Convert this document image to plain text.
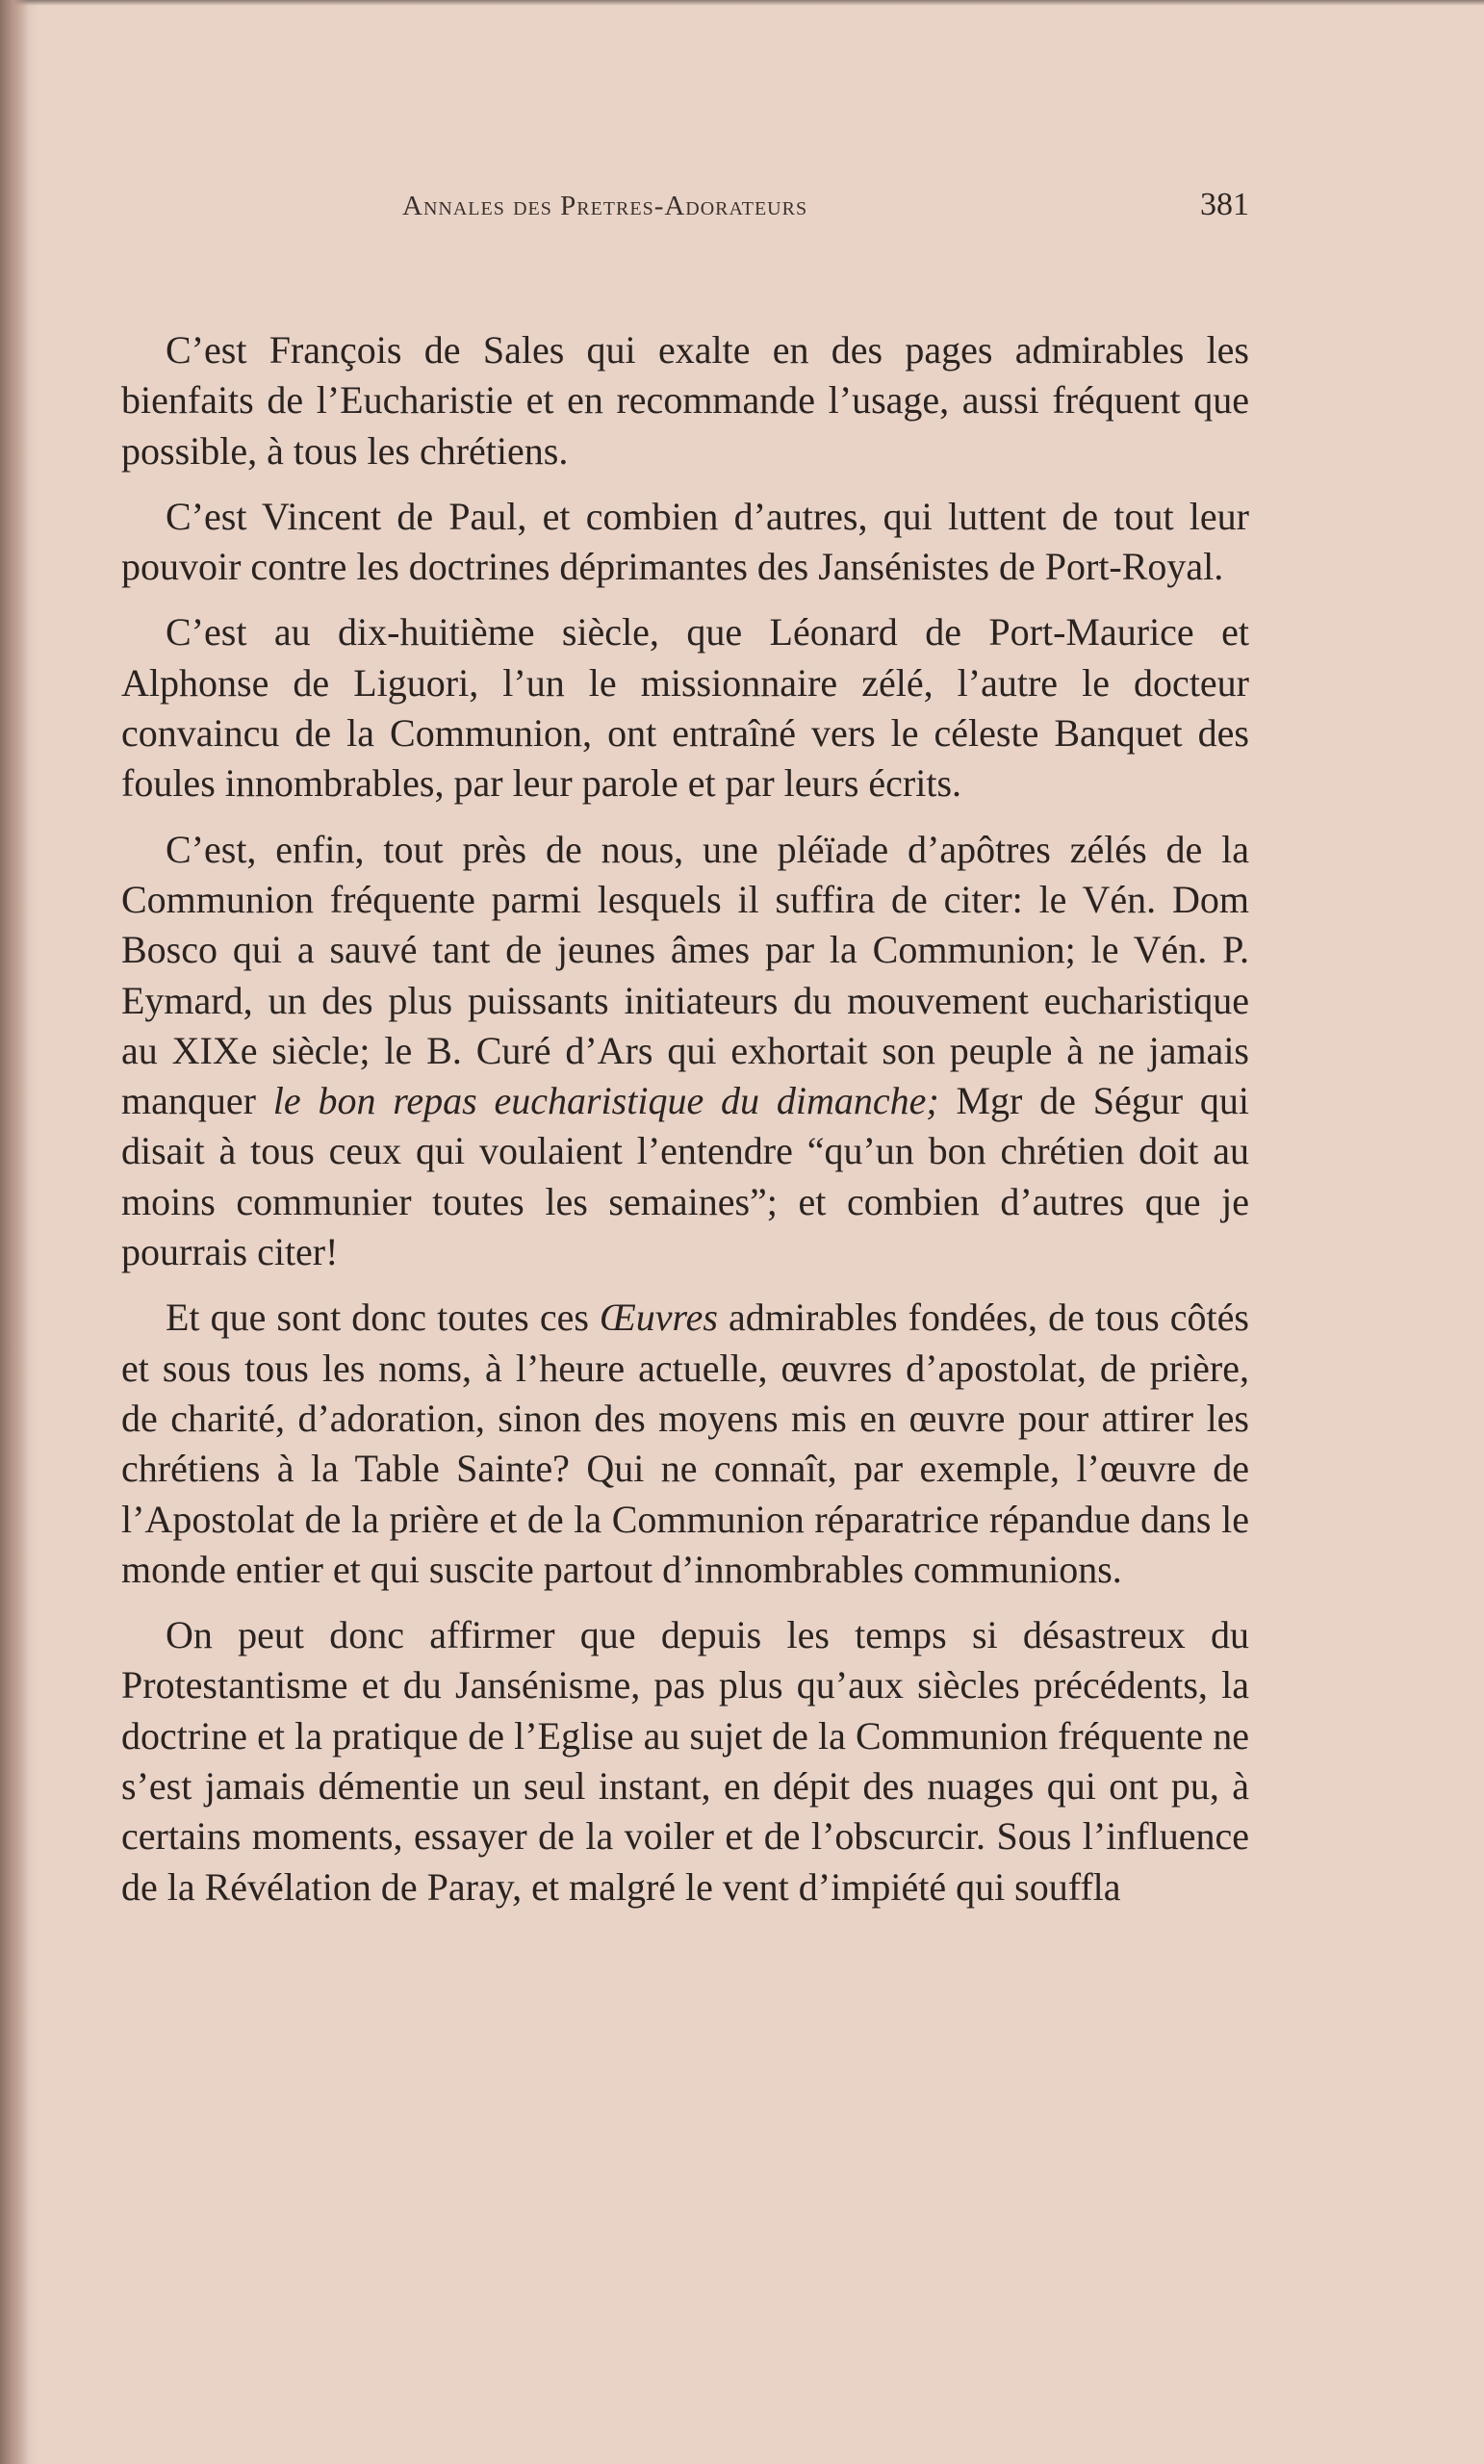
Annales des Pretres-Adorateurs	381

C’est François de Sales qui exalte en des pages admirables les bienfaits de l’Eucharistie et en recommande l’usage, aussi fréquent que possible, à tous les chrétiens.

C’est Vincent de Paul, et combien d’autres, qui luttent de tout leur pouvoir contre les doctrines déprimantes des Jansénistes de Port-Royal.

C’est au dix-huitième siècle, que Léonard de Port-Maurice et Alphonse de Liguori, l’un le missionnaire zélé, l’autre le docteur convaincu de la Communion, ont entraîné vers le céleste Banquet des foules innombrables, par leur parole et par leurs écrits.

C’est, enfin, tout près de nous, une pléïade d’apôtres zélés de la Communion fréquente parmi lesquels il suffira de citer: le Vén. Dom Bosco qui a sauvé tant de jeunes âmes par la Communion; le Vén. P. Eymard, un des plus puissants initiateurs du mouvement eucharistique au XIXe siècle; le B. Curé d’Ars qui exhortait son peuple à ne jamais manquer le bon repas eucharistique du dimanche; Mgr de Ségur qui disait à tous ceux qui voulaient l’entendre “qu’un bon chrétien doit au moins communier toutes les semaines”; et combien d’autres que je pourrais citer!

Et que sont donc toutes ces Œuvres admirables fondées, de tous côtés et sous tous les noms, à l’heure actuelle, œuvres d’apostolat, de prière, de charité, d’adoration, sinon des moyens mis en œuvre pour attirer les chrétiens à la Table Sainte? Qui ne connaît, par exemple, l’œuvre de l’Apostolat de la prière et de la Communion réparatrice répandue dans le monde entier et qui suscite partout d’innombrables communions.

On peut donc affirmer que depuis les temps si désastreux du Protestantisme et du Jansénisme, pas plus qu’aux siècles précédents, la doctrine et la pratique de l’Eglise au sujet de la Communion fréquente ne s’est jamais démentie un seul instant, en dépit des nuages qui ont pu, à certains moments, essayer de la voiler et de l’obscurcir. Sous l’influence de la Révélation de Paray, et malgré le vent d’impiété qui souffla
